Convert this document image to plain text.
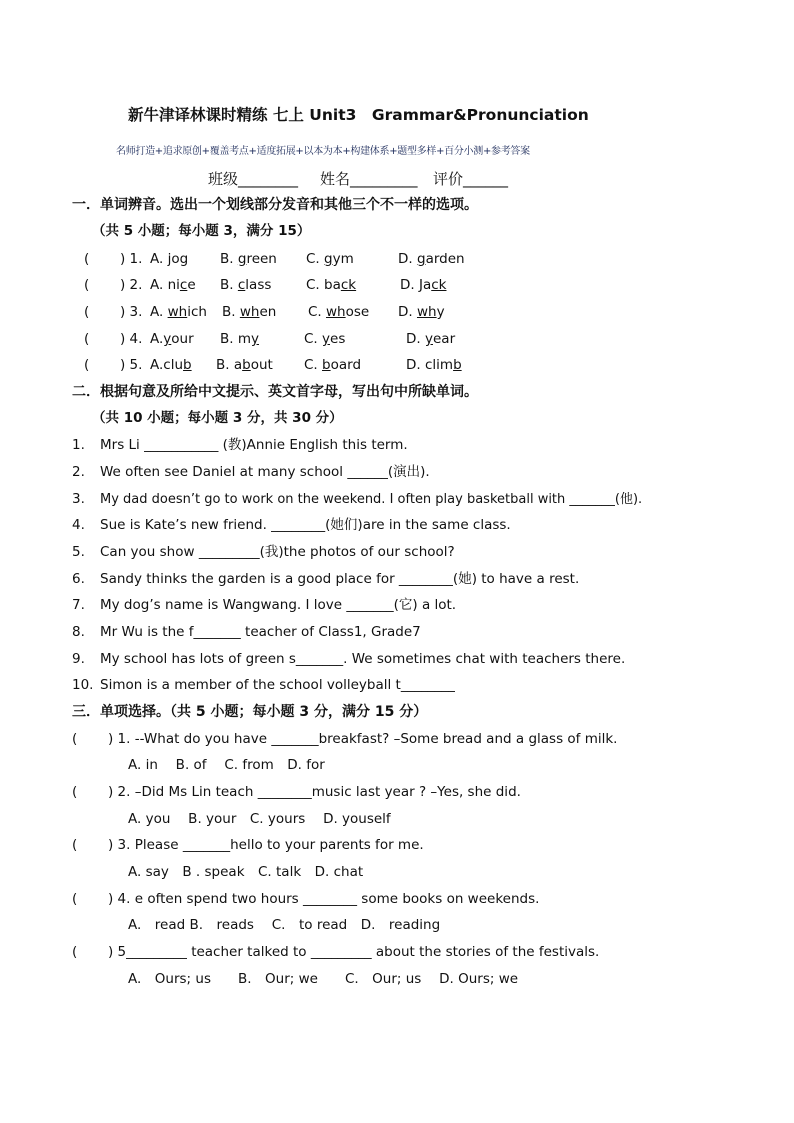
新牛津译林课时精练 七上 Unit3　Grammar&Pronunciation
名师打造+追求原创+覆盖考点+适度拓展+以本为本+构建体系+题型多样+百分小测+参考答案
班级________ 姓名_________ 评价______
一．单词辨音。选出一个划线部分发音和其他三个不一样的选项。
（共 5 小题；每小题 3，满分 15）
( ) 1. A. jog B. green C. gym	D. garden
( ) 2. A. nice B. class	C. back	D. Jack
( ) 3. A. which B. when C. whose D. why
( ) 4. A.your B. my	C. yes	D. year
( ) 5. A.club B. about C. board	D. climb
二．根据句意及所给中文提示、英文首字母，写出句中所缺单词。
（共 10 小题；每小题 3 分，共 30 分）
1. Mrs Li ___________ (教)Annie English this term.
2. We often see Daniel at many school ______(演出).
3. My dad doesn’t go to work on the weekend. I often play basketball with _______(他).
4. Sue is Kate’s new friend. ________(她们)are in the same class.
5. Can you show _________(我)the photos of our school?
6. Sandy thinks the garden is a good place for ________(她) to have a rest.
7. My dog’s name is Wangwang. I love _______(它) a lot.
8. Mr Wu is the f_______ teacher of Class1, Grade7
9. My school has lots of green s_______. We sometimes chat with teachers there.
10. Simon is a member of the school volleyball t________
三．单项选择。（共 5 小题；每小题 3 分，满分 15 分）
( ) 1. --What do you have _______breakfast? –Some bread and a glass of milk.
A. in　 B. of　 C. from　D. for
( ) 2. –Did Ms Lin teach ________music last year ? –Yes, she did.
A. you　 B. your　C. yours　 D. youself
( ) 3. Please _______hello to your parents for me.
A. say　B . speak　C. talk　D. chat
( ) 4. e often spend two hours ________ some books on weekends.
A.　read B.　reads　 C.　to read　D.　reading
( ) 5_________ teacher talked to _________ about the stories of the festivals.
A.　Ours; us　　B.　Our; we　　C.　Our; us　 D. Ours; we
